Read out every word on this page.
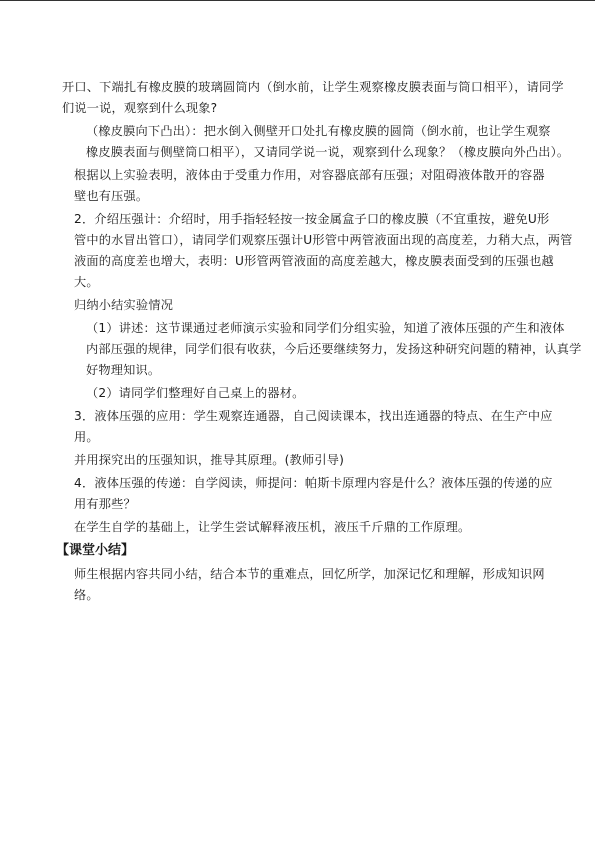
开口、下端扎有橡皮膜的玻璃圆筒内（倒水前，让学生观察橡皮膜表面与筒口相平），请同学
们说一说，观察到什么现象?
（橡皮膜向下凸出）：把水倒入侧壁开口处扎有橡皮膜的圆筒（倒水前，也让学生观察
橡皮膜表面与侧壁筒口相平），又请同学说一说，观察到什么现象？（橡皮膜向外凸出）。
根据以上实验表明，液体由于受重力作用，对容器底部有压强；对阻碍液体散开的容器
壁也有压强。
2．介绍压强计：介绍时，用手指轻轻按一按金属盒子口的橡皮膜（不宜重按，避免U形
管中的水冒出管口），请同学们观察压强计U形管中两管液面出现的高度差，力稍大点，两管
液面的高度差也增大，表明：U形管两管液面的高度差越大，橡皮膜表面受到的压强也越
大。
归纳小结实验情况
（1）讲述：这节课通过老师演示实验和同学们分组实验，知道了液体压强的产生和液体
内部压强的规律，同学们很有收获，今后还要继续努力，发扬这种研究问题的精神，认真学
好物理知识。
（2）请同学们整理好自己桌上的器材。
3．液体压强的应用：学生观察连通器，自己阅读课本，找出连通器的特点、在生产中应
用。
并用探究出的压强知识，推导其原理。(教师引导)
4．液体压强的传递：自学阅读，师提问：帕斯卡原理内容是什么？液体压强的传递的应
用有那些？
在学生自学的基础上，让学生尝试解释液压机，液压千斤鼎的工作原理。
【课堂小结】
师生根据内容共同小结，结合本节的重难点，回忆所学，加深记忆和理解，形成知识网
络。
